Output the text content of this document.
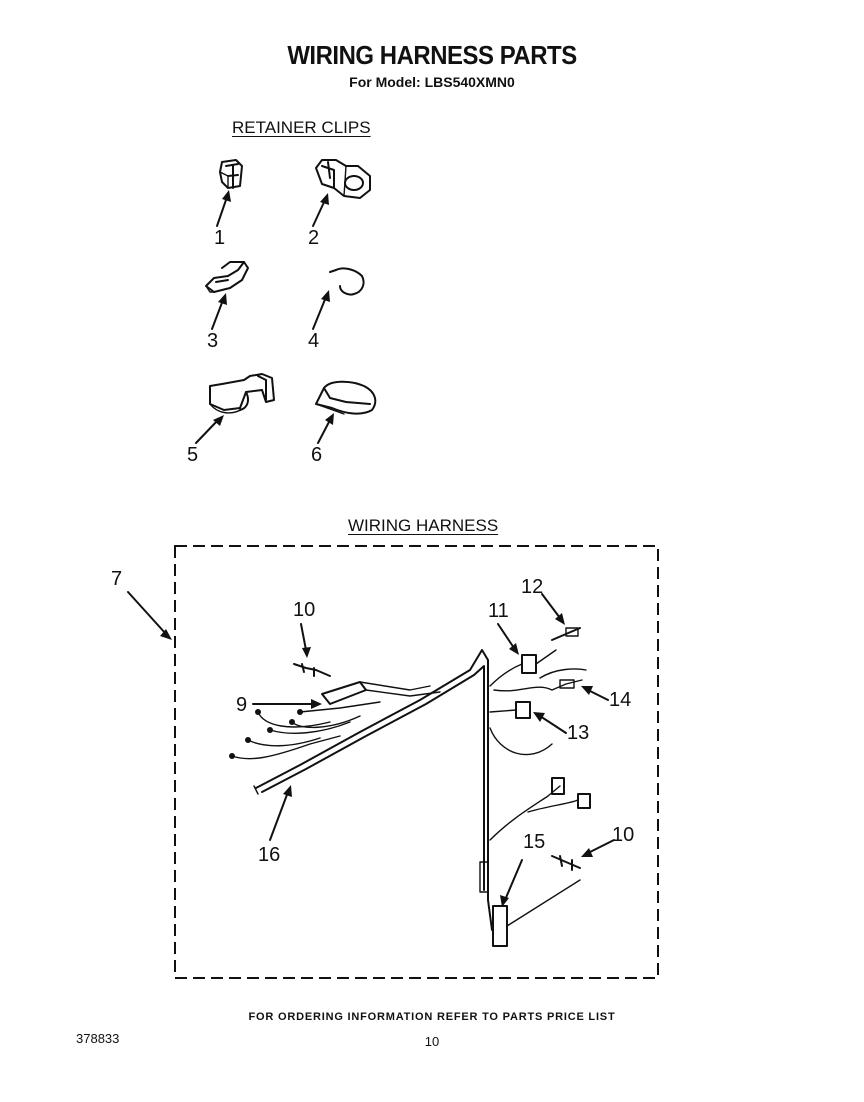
WIRING HARNESS PARTS
For Model: LBS540XMN0
RETAINER CLIPS
WIRING HARNESS
1	2
3	4
5	6
7
9
10
10
11
12
13
14
15
16
FOR ORDERING INFORMATION REFER TO PARTS PRICE LIST
378833	10
